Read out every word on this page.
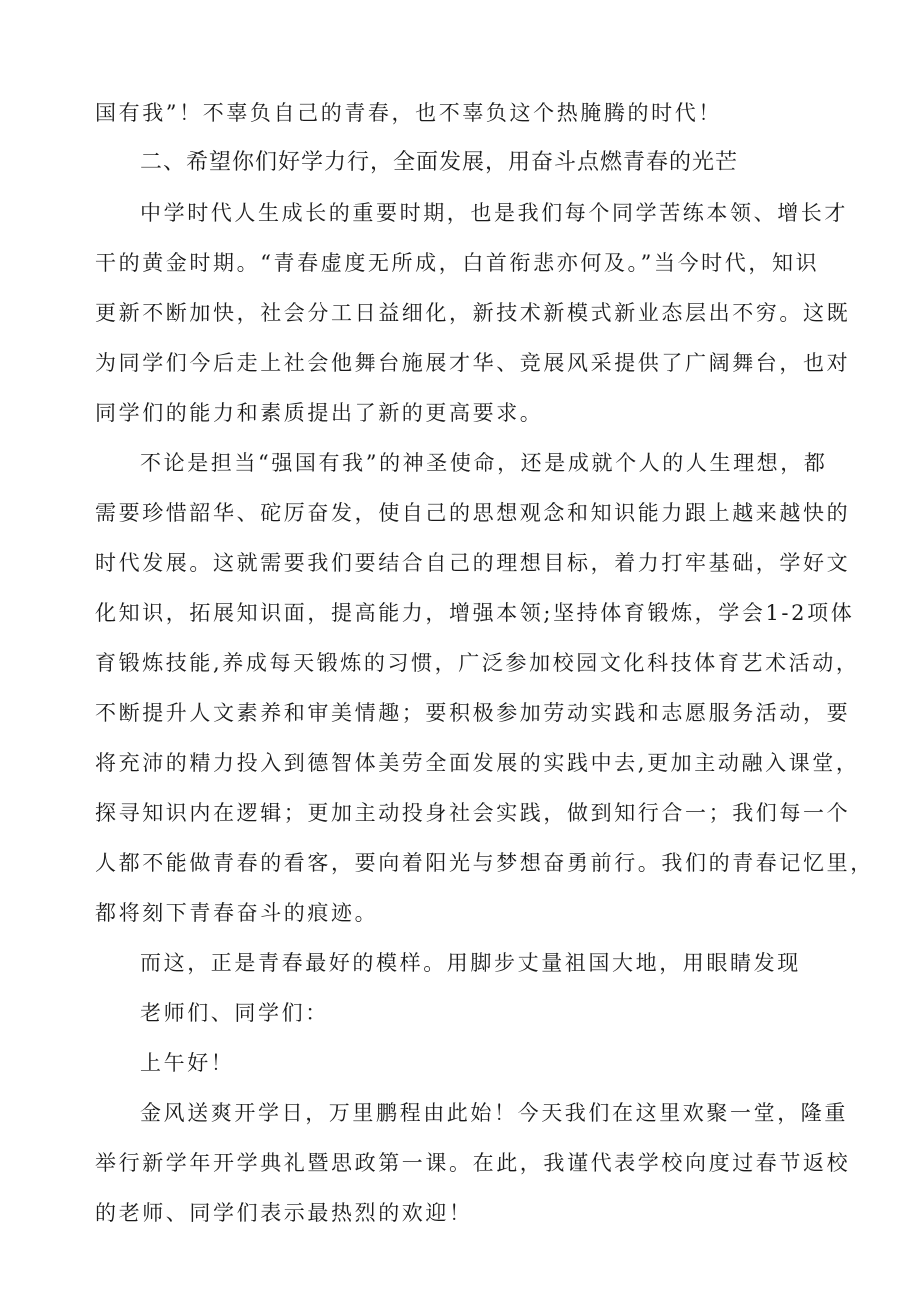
国有我”！不辜负自己的青春，也不辜负这个热腌腾的时代！
二、希望你们好学力行，全面发展，用奋斗点燃青春的光芒
中学时代人生成长的重要时期，也是我们每个同学苦练本领、增长才
干的黄金时期。“青春虚度无所成，白首衔悲亦何及。”当今时代，知识
更新不断加快，社会分工日益细化，新技术新模式新业态层出不穷。这既
为同学们今后走上社会他舞台施展才华、竞展风采提供了广阔舞台，也对
同学们的能力和素质提出了新的更高要求。
不论是担当“强国有我”的神圣使命，还是成就个人的人生理想，都
需要珍惜韶华、砣厉奋发，使自己的思想观念和知识能力跟上越来越快的
时代发展。这就需要我们要结合自己的理想目标，着力打牢基础，学好文
化知识，拓展知识面，提高能力，增强本领;坚持体育锻炼，学会1-2项体
育锻炼技能,养成每天锻炼的习惯，广泛参加校园文化科技体育艺术活动，
不断提升人文素养和审美情趣；要积极参加劳动实践和志愿服务活动，要
将充沛的精力投入到德智体美劳全面发展的实践中去,更加主动融入课堂，
探寻知识内在逻辑；更加主动投身社会实践，做到知行合一；我们每一个
人都不能做青春的看客，要向着阳光与梦想奋勇前行。我们的青春记忆里，
都将刻下青春奋斗的痕迹。
而这，正是青春最好的模样。用脚步丈量祖国大地，用眼睛发现
老师们、同学们：
上午好！
金风送爽开学日，万里鹏程由此始！今天我们在这里欢聚一堂，隆重
举行新学年开学典礼暨思政第一课。在此，我谨代表学校向度过春节返校
的老师、同学们表示最热烈的欢迎！
